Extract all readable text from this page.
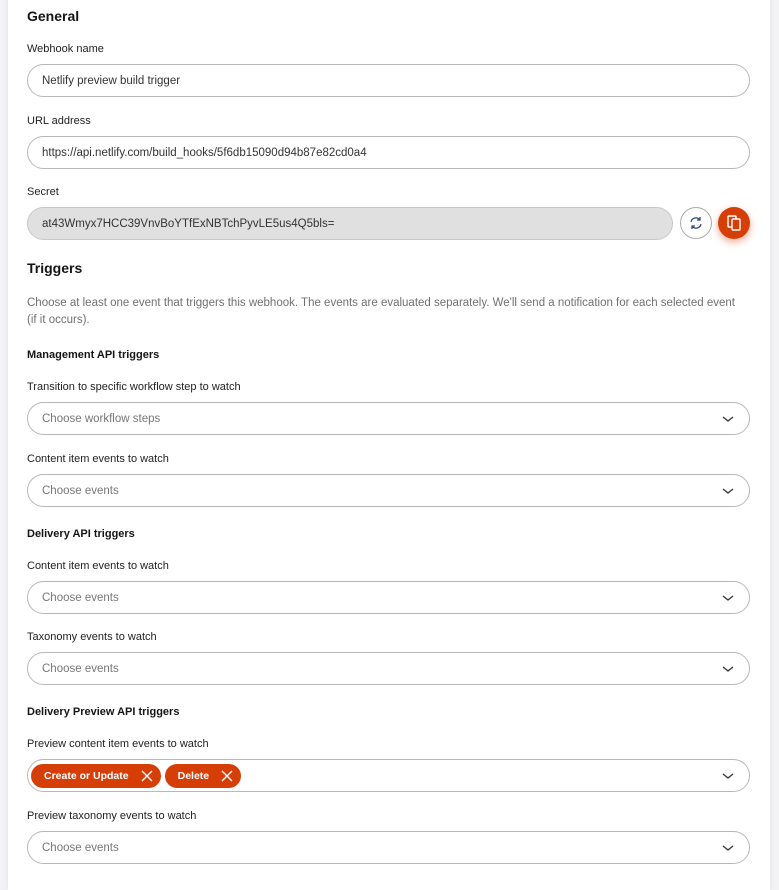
General
Webhook name
Netlify preview build trigger
URL address
https://api.netlify.com/build_hooks/5f6db15090d94b87e82cd0a4
Secret
at43Wmyx7HCC39VnvBoYTfExNBTchPyvLE5us4Q5bls=
Triggers
Choose at least one event that triggers this webhook. The events are evaluated separately. We'll send a notification for each selected event (if it occurs).
Management API triggers
Transition to specific workflow step to watch
Choose workflow steps
Content item events to watch
Choose events
Delivery API triggers
Content item events to watch
Choose events
Taxonomy events to watch
Choose events
Delivery Preview API triggers
Preview content item events to watch
Create or Update	Delete
Preview taxonomy events to watch
Choose events
